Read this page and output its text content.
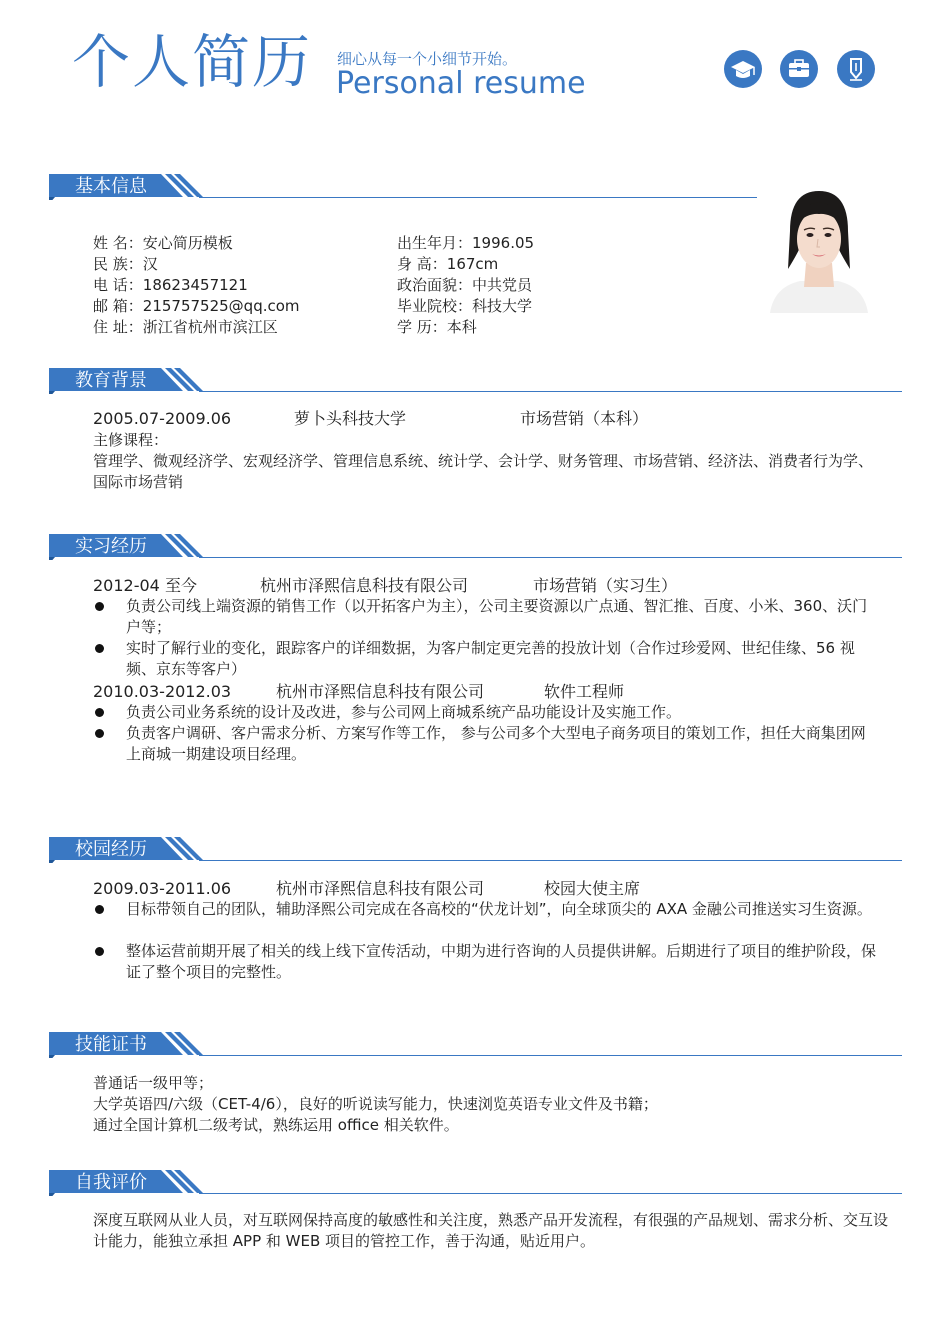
个人简历 细心从每一个小细节开始。
Personal resume
基本信息
姓 名：安心简历模板
民 族：汉
电 话：18623457121
邮 箱：215757525@qq.com
住 址：浙江省杭州市滨江区
出生年月：1996.05
身 高：167cm
政治面貌：中共党员
毕业院校：科技大学
学 历：本科
教育背景
2005.07-2009.06	萝卜头科技大学	市场营销（本科）
主修课程：
管理学、微观经济学、宏观经济学、管理信息系统、统计学、会计学、财务管理、市场营销、经济法、消费者行为学、国际市场营销
实习经历
2012-04 至今	杭州市泽熙信息科技有限公司	市场营销（实习生）
负责公司线上端资源的销售工作（以开拓客户为主），公司主要资源以广点通、智汇推、百度、小米、360、沃门户等；
实时了解行业的变化，跟踪客户的详细数据，为客户制定更完善的投放计划（合作过珍爱网、世纪佳缘、56 视频、京东等客户）
2010.03-2012.03	杭州市泽熙信息科技有限公司	软件工程师
负责公司业务系统的设计及改进，参与公司网上商城系统产品功能设计及实施工作。
负责客户调研、客户需求分析、方案写作等工作， 参与公司多个大型电子商务项目的策划工作，担任大商集团网上商城一期建设项目经理。
校园经历
2009.03-2011.06	杭州市泽熙信息科技有限公司	校园大使主席
目标带领自己的团队，辅助泽熙公司完成在各高校的“伏龙计划”，向全球顶尖的 AXA 金融公司推送实习生资源。
整体运营前期开展了相关的线上线下宣传活动，中期为进行咨询的人员提供讲解。后期进行了项目的维护阶段，保证了整个项目的完整性。
技能证书
普通话一级甲等；
大学英语四/六级（CET-4/6），良好的听说读写能力，快速浏览英语专业文件及书籍；
通过全国计算机二级考试，熟练运用 office 相关软件。
自我评价
深度互联网从业人员，对互联网保持高度的敏感性和关注度，熟悉产品开发流程，有很强的产品规划、需求分析、交互设计能力，能独立承担 APP 和 WEB 项目的管控工作，善于沟通，贴近用户。
